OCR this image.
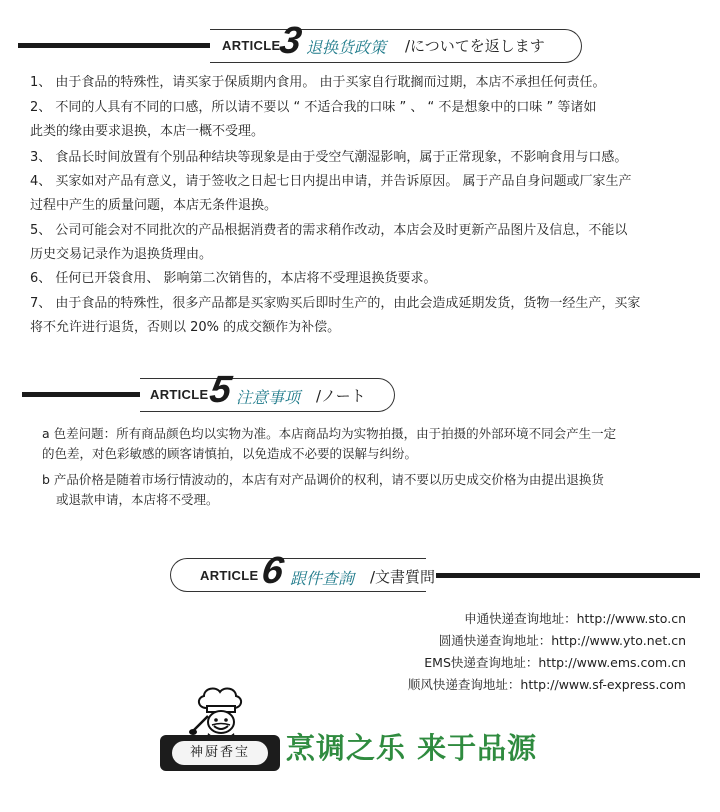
ARTICLE
3 退换货政策 /についてを返します

1、 由于食品的特殊性，请买家于保质期内食用。 由于买家自行耽搁而过期，本店不承担任何责任。

2、 不同的人具有不同的口感，所以请不要以 “ 不适合我的口味 ” 、 “ 不是想象中的口味 ” 等诸如

此类的缘由要求退换，本店一概不受理。

3、 食品长时间放置有个别品种结块等现象是由于受空气潮湿影响，属于正常现象，不影响食用与口感。

4、 买家如对产品有意义，请于签收之日起七日内提出申请，并告诉原因。 属于产品自身问题或厂家生产

过程中产生的质量问题，本店无条件退换。

5、 公司可能会对不同批次的产品根据消费者的需求稍作改动，本店会及时更新产品图片及信息，不能以

历史交易记录作为退换货理由。

6、 任何已开袋食用、 影响第二次销售的，本店将不受理退换货要求。

7、 由于食品的特殊性，很多产品都是买家购买后即时生产的，由此会造成延期发货，货物一经生产，买家

将不允许进行退货，否则以 20% 的成交额作为补偿。

ARTICLE
5 注意事项 /ノート

a 色差问题：所有商品颜色均以实物为准。本店商品均为实物拍摄，由于拍摄的外部环境不同会产生一定

的色差，对色彩敏感的顾客请慎拍，以免造成不必要的误解与纠纷。

b 产品价格是随着市场行情波动的，本店有对产品调价的权利，请不要以历史成交价格为由提出退换货

或退款申请，本店将不受理。

ARTICLE 6 跟件查詢 /文書質問

申通快递查询地址：http://www.sto.cn

圆通快递查询地址：http://www.yto.net.cn

EMS快递查询地址：http://www.ems.com.cn

顺风快递查询地址：http://www.sf-express.com

神厨香宝	烹调之乐 来于品源
